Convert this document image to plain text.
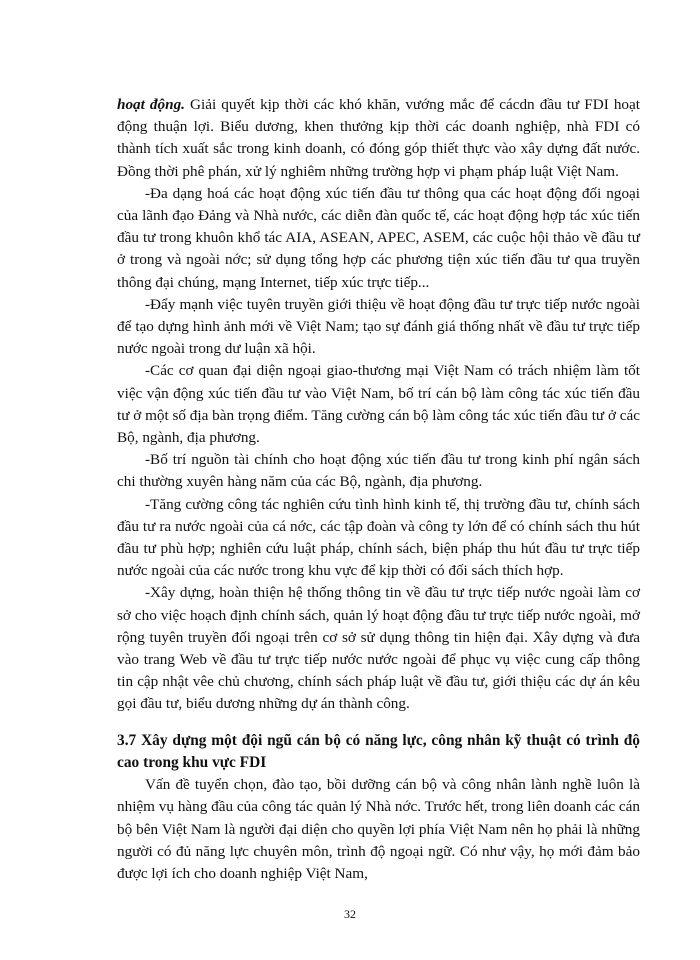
hoạt động. Giải quyết kịp thời các khó khăn, vướng mắc để cácdn đầu tư FDI hoạt động thuận lợi. Biểu dương, khen thưởng kịp thời các doanh nghiệp, nhà FDI có thành tích xuất sắc trong kinh doanh, có đóng góp thiết thực vào xây dựng đất nước. Đồng thời phê phán, xử lý nghiêm những trường hợp vi phạm pháp luật Việt Nam.

-Đa dạng hoá các hoạt động xúc tiến đầu tư thông qua các hoạt động đối ngoại của lãnh đạo Đảng và Nhà nước, các diễn đàn quốc tế, các hoạt động hợp tác xúc tiến đầu tư trong khuôn khổ tác AIA, ASEAN, APEC, ASEM, các cuộc hội thảo về đầu tư ở trong và ngoài nớc; sử dụng tổng hợp các phương tiện xúc tiến đầu tư qua truyền thông đại chúng, mạng Internet, tiếp xúc trực tiếp...

-Đẩy mạnh việc tuyên truyền giới thiệu về hoạt động đầu tư trực tiếp nước ngoài để tạo dựng hình ảnh mới về Việt Nam; tạo sự đánh giá thống nhất về đầu tư trực tiếp nước ngoài trong dư luận xã hội.

-Các cơ quan đại diện ngoại giao-thương mại Việt Nam có trách nhiệm làm tốt việc vận động xúc tiến đầu tư vào Việt Nam, bố trí cán bộ làm công tác xúc tiến đầu tư ở một số địa bàn trọng điểm. Tăng cường cán bộ làm công tác xúc tiến đầu tư ở các Bộ, ngành, địa phương.

-Bố trí nguồn tài chính cho hoạt động xúc tiến đầu tư trong kinh phí ngân sách chi thường xuyên hàng năm của các Bộ, ngành, địa phương.

-Tăng cường công tác nghiên cứu tình hình kinh tế, thị trường đầu tư, chính sách đầu tư ra nước ngoài của cá nớc, các tập đoàn và công ty lớn để có chính sách thu hút đầu tư phù hợp; nghiên cứu luật pháp, chính sách, biện pháp thu hút đầu tư trực tiếp nước ngoài của các nước trong khu vực để kịp thời có đối sách thích hợp.

-Xây dựng, hoàn thiện hệ thống thông tin về đầu tư trực tiếp nước ngoài làm cơ sở cho việc hoạch định chính sách, quản lý hoạt động đầu tư trực tiếp nước ngoài, mở rộng tuyên truyền đối ngoại trên cơ sở sử dụng thông tin hiện đại. Xây dựng và đưa vào trang Web về đầu tư trực tiếp nước nước ngoài để phục vụ việc cung cấp thông tin cập nhật vêe chủ chương, chính sách pháp luật về đầu tư, giới thiệu các dự án kêu gọi đầu tư, biểu dương những dự án thành công.

3.7 Xây dựng một đội ngũ cán bộ có năng lực, công nhân kỹ thuật có trình độ cao trong khu vực FDI

Vấn đề tuyển chọn, đào tạo, bồi dưỡng cán bộ và công nhân lành nghề luôn là nhiệm vụ hàng đầu của công tác quản lý Nhà nớc. Trước hết, trong liên doanh các cán bộ bên Việt Nam là người đại diện cho quyền lợi phía Việt Nam nên họ phải là những người có đủ năng lực chuyên môn, trình độ ngoại ngữ. Có như vậy, họ mới đảm bảo được lợi ích cho doanh nghiệp Việt Nam,

32
